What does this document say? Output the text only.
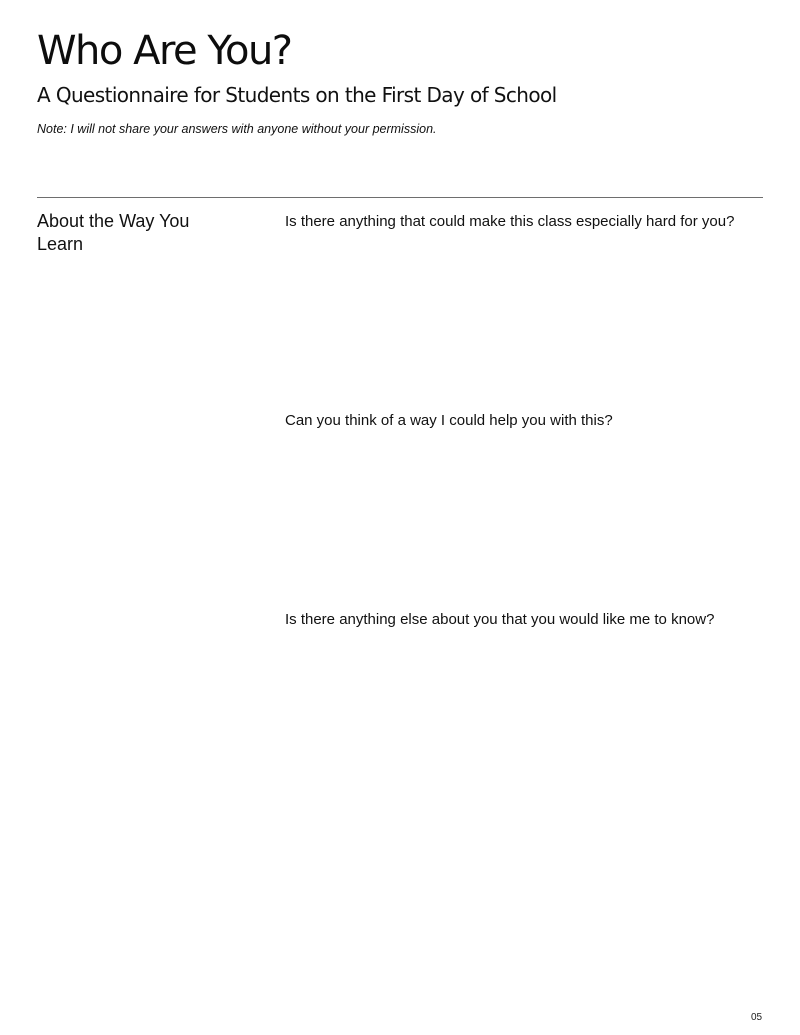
Who Are You?
A Questionnaire for Students on the First Day of School

Note: I will not share your answers with anyone without your permission.

About the Way You Learn

Is there anything that could make this class especially hard for you?

Can you think of a way I could help you with this?

Is there anything else about you that you would like me to know?

05
